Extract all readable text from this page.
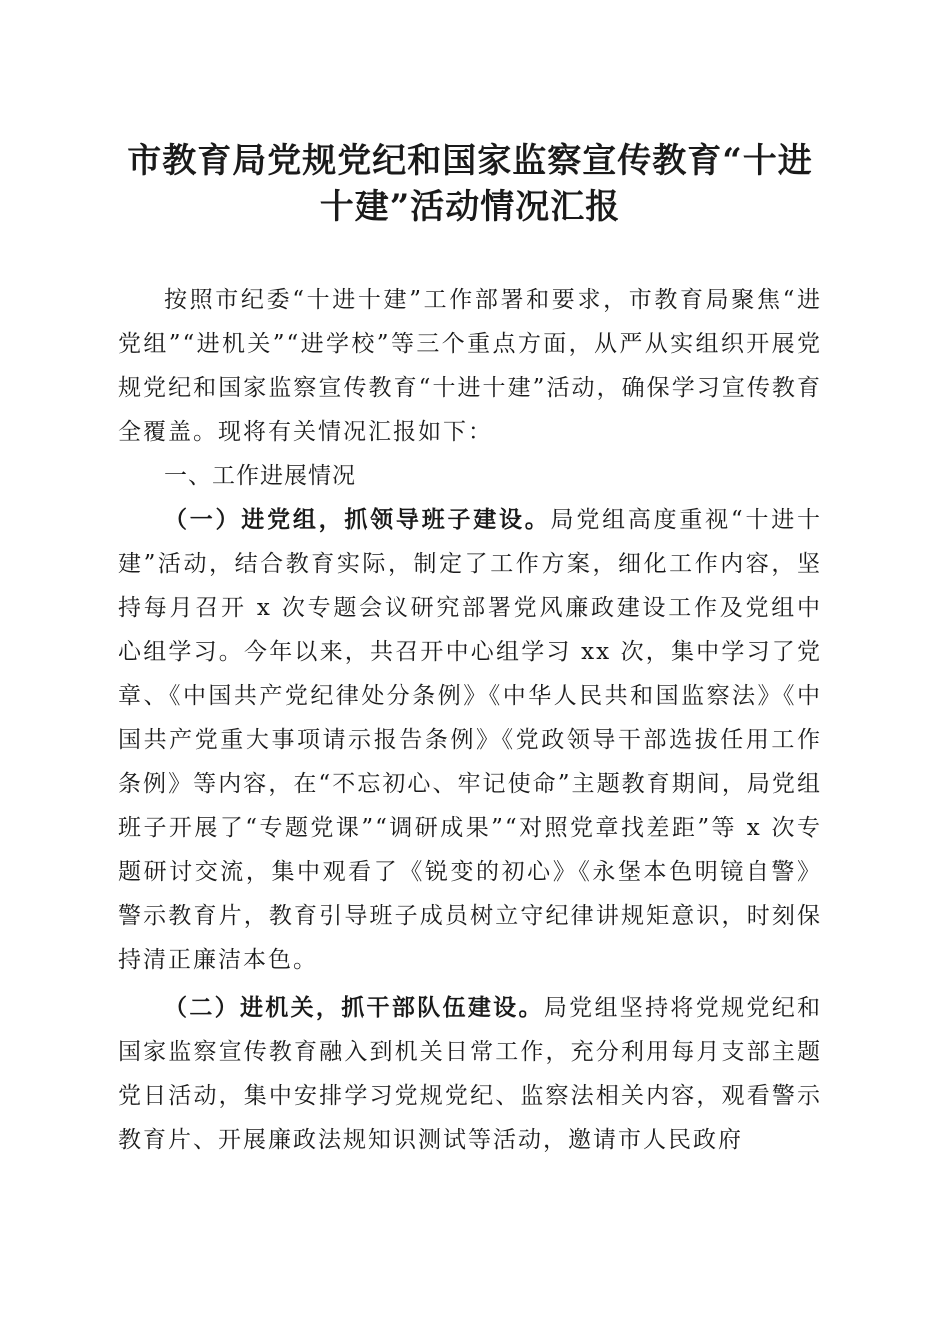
市教育局党规党纪和国家监察宣传教育“十进十建”活动情况汇报

按照市纪委“十进十建”工作部署和要求，市教育局聚焦“进党组”“进机关”“进学校”等三个重点方面，从严从实组织开展党规党纪和国家监察宣传教育“十进十建”活动，确保学习宣传教育全覆盖。现将有关情况汇报如下：

一、工作进展情况

（一）进党组，抓领导班子建设。局党组高度重视“十进十建”活动，结合教育实际，制定了工作方案，细化工作内容，坚持每月召开 x 次专题会议研究部署党风廉政建设工作及党组中心组学习。今年以来，共召开中心组学习 xx 次，集中学习了党章、《中国共产党纪律处分条例》《中华人民共和国监察法》《中国共产党重大事项请示报告条例》《党政领导干部选拔任用工作条例》等内容，在“不忘初心、牢记使命”主题教育期间，局党组班子开展了“专题党课”“调研成果”“对照党章找差距”等 x 次专题研讨交流，集中观看了《锐变的初心》《永堡本色明镜自警》警示教育片，教育引导班子成员树立守纪律讲规矩意识，时刻保持清正廉洁本色。

（二）进机关，抓干部队伍建设。局党组坚持将党规党纪和国家监察宣传教育融入到机关日常工作，充分利用每月支部主题党日活动，集中安排学习党规党纪、监察法相关内容，观看警示教育片、开展廉政法规知识测试等活动，邀请市人民政府
